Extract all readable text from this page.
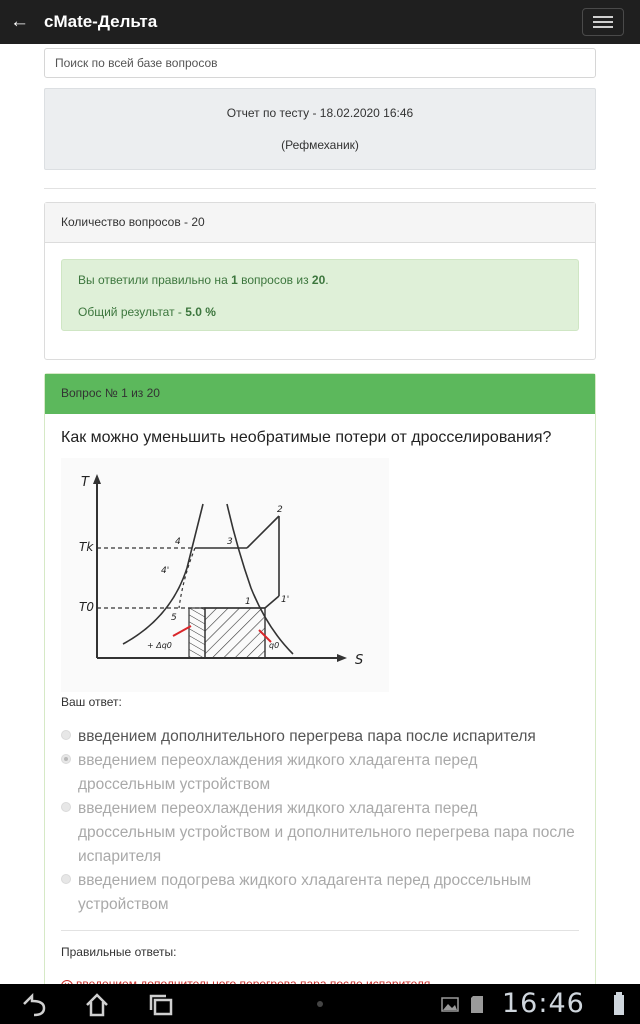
← cMate-Дельта
Поиск по всей базе вопросов
Отчет по тесту - 18.02.2020 16:46
(Рефмеханик)
Количество вопросов - 20
Вы ответили правильно на 1 вопросов из 20.
Общий результат - 5.0 %
Вопрос № 1 из 20
Как можно уменьшить необратимые потери от дросселирования?
T
S
Tk
T0	1	1'
2
3
4
4'
5
+ Δq0	q0
Ваш ответ:
введением дополнительного перегрева пара после испарителя
введением переохлаждения жидкого хладагента перед дроссельным устройством
введением переохлаждения жидкого хладагента перед дроссельным устройством и дополнительного перегрева пара после испарителя
введением подогрева жидкого хладагента перед дроссельным устройством
Правильные ответы:
16:46
